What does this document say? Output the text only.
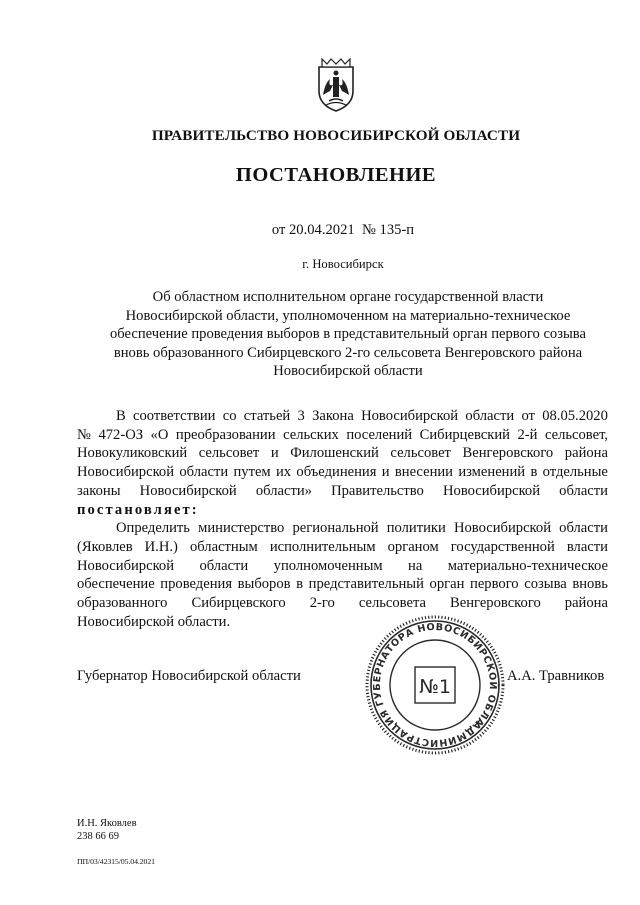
ПРАВИТЕЛЬСТВО НОВОСИБИРСКОЙ ОБЛАСТИ
ПОСТАНОВЛЕНИЕ
от 20.04.2021  № 135-п
г. Новосибирск
Об областном исполнительном органе государственной власти
Новосибирской области, уполномоченном на материально-техническое
обеспечение проведения выборов в представительный орган первого созыва
вновь образованного Сибирцевского 2-го сельсовета Венгеровского района
Новосибирской области
В соответствии со статьей 3 Закона Новосибирской области от 08.05.2020
№ 472-ОЗ «О преобразовании сельских поселений Сибирцевский 2-й сельсовет,
Новокуликовский сельсовет и Филошенский сельсовет Венгеровского района
Новосибирской области путем их объединения и внесении изменений в отдельные
законы Новосибирской области» Правительство Новосибирской области
постановляет:
Определить министерство региональной политики Новосибирской области
(Яковлев И.Н.) областным исполнительным органом государственной власти
Новосибирской области уполномоченным на материально-техническое
обеспечение проведения выборов в представительный орган первого созыва вновь
образованного Сибирцевского 2-го сельсовета Венгеровского района
Новосибирской области.
Губернатор Новосибирской области	А.А. Травников
АДМИНИСТРАЦИЯ ГУБЕРНАТОРА НОВОСИБИРСКОЙ ОБЛАСТИ
№1
И.Н. Яковлев
238 66 69
ПП/03/42315/05.04.2021
